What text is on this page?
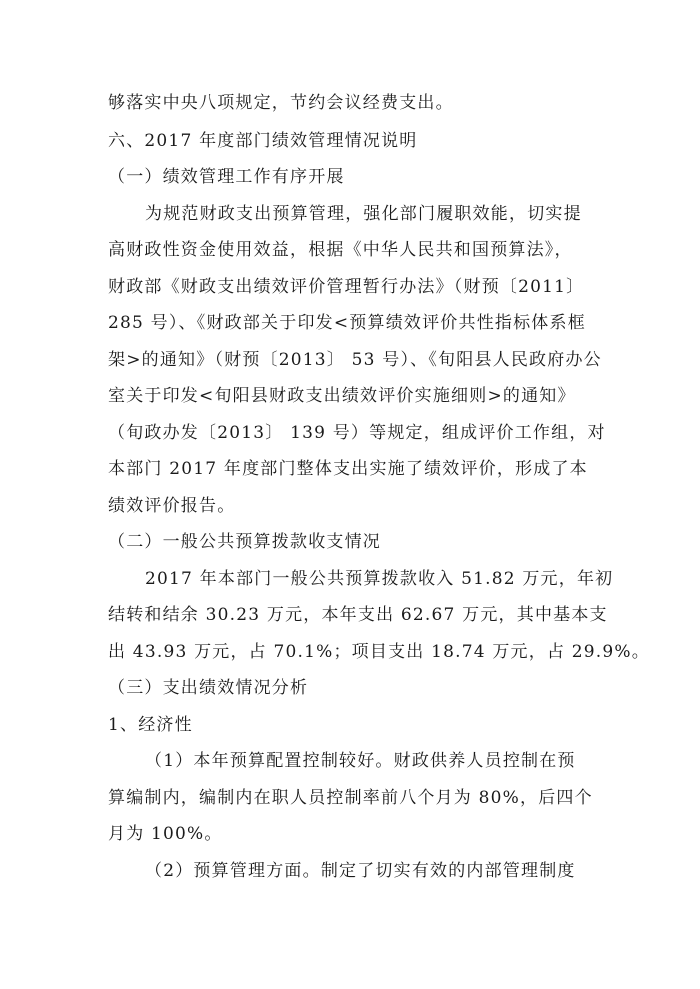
够落实中央八项规定，节约会议经费支出。
六、2017 年度部门绩效管理情况说明
（一）绩效管理工作有序开展
为规范财政支出预算管理，强化部门履职效能，切实提
高财政性资金使用效益，根据《中华人民共和国预算法》，
财政部《财政支出绩效评价管理暂行办法》（财预〔2011〕
285 号）、《财政部关于印发<预算绩效评价共性指标体系框
架>的通知》（财预〔2013〕 53 号）、《旬阳县人民政府办公
室关于印发<旬阳县财政支出绩效评价实施细则>的通知》
（旬政办发〔2013〕 139 号）等规定，组成评价工作组，对
本部门 2017 年度部门整体支出实施了绩效评价，形成了本
绩效评价报告。
（二）一般公共预算拨款收支情况
2017 年本部门一般公共预算拨款收入 51.82 万元，年初
结转和结余 30.23 万元，本年支出 62.67 万元，其中基本支
出 43.93 万元，占 70.1%；项目支出 18.74 万元，占 29.9%。
（三）支出绩效情况分析
1、经济性
（1）本年预算配置控制较好。财政供养人员控制在预
算编制内，编制内在职人员控制率前八个月为 80%，后四个
月为 100%。
（2）预算管理方面。制定了切实有效的内部管理制度
